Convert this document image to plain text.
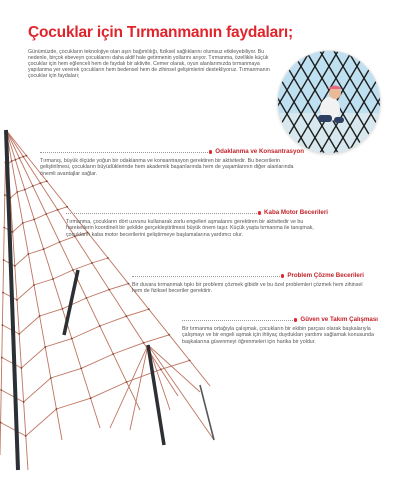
Çocuklar için Tırmanmanın faydaları;
Günümüzde, çocukların teknolojiye olan aşırı bağımlılığı, fiziksel sağlıklarını olumsuz etkileyebiliyor. Bu nedenle, birçok ebeveyn çocuklarını daha aktif hale getirmenin yollarını arıyor. Tırmanma, özellikle küçük çocuklar için hem eğlenceli hem de faydalı bir aktivite. Cemer olarak, oyun alanlarımızda tırmanmaya yapılanma yer vererek çocukların hem bedensel hem de zihinsel gelişimlerini destekliyoruz. Tırmanmanın çocuklar için faydaları;
Odaklanma ve Konsantrasyon

Tırmanış, büyük ölçüde yoğun bir odaklanma ve konsantrasyon gerektiren bir aktivitedir. Bu becerilerin geliştirilmesi, çocukların büyüdüklerinde hem akademik başarılarında hem de yaşamlarının diğer alanlarında önemli avantajlar sağlar.

Kaba Motor Becerileri

Tırmanma, çocukların dört uzvunu kullanarak zorlu engelleri aşmalarını gerektiren bir aktivitedir ve bu hareketlerin koordineli bir şekilde gerçekleştirilmesi büyük önem taşır. Küçük yaşta tırmanma ile tanışmak, çocukların kaba motor becerilerini geliştirmeye başlamalarına yardımcı olur.

Problem Çözme Becerileri

Bir duvara tırmanmak tıpkı bir problemi çözmek gibidir ve bu özel problemleri çözmek hem zihinsel hem de fiziksel beceriler gerektirir.

Güven ve Takım Çalışması

Bir tırmanma ortağıyla çalışmak, çocukların bir ekibin parçası olarak başkalarıyla çalışmayı ve bir engeli aşmak için ihtiyaç duydukları yardımı sağlamak konusunda başkalarına güvenmeyi öğrenmeleri için harika bir yoldur.
